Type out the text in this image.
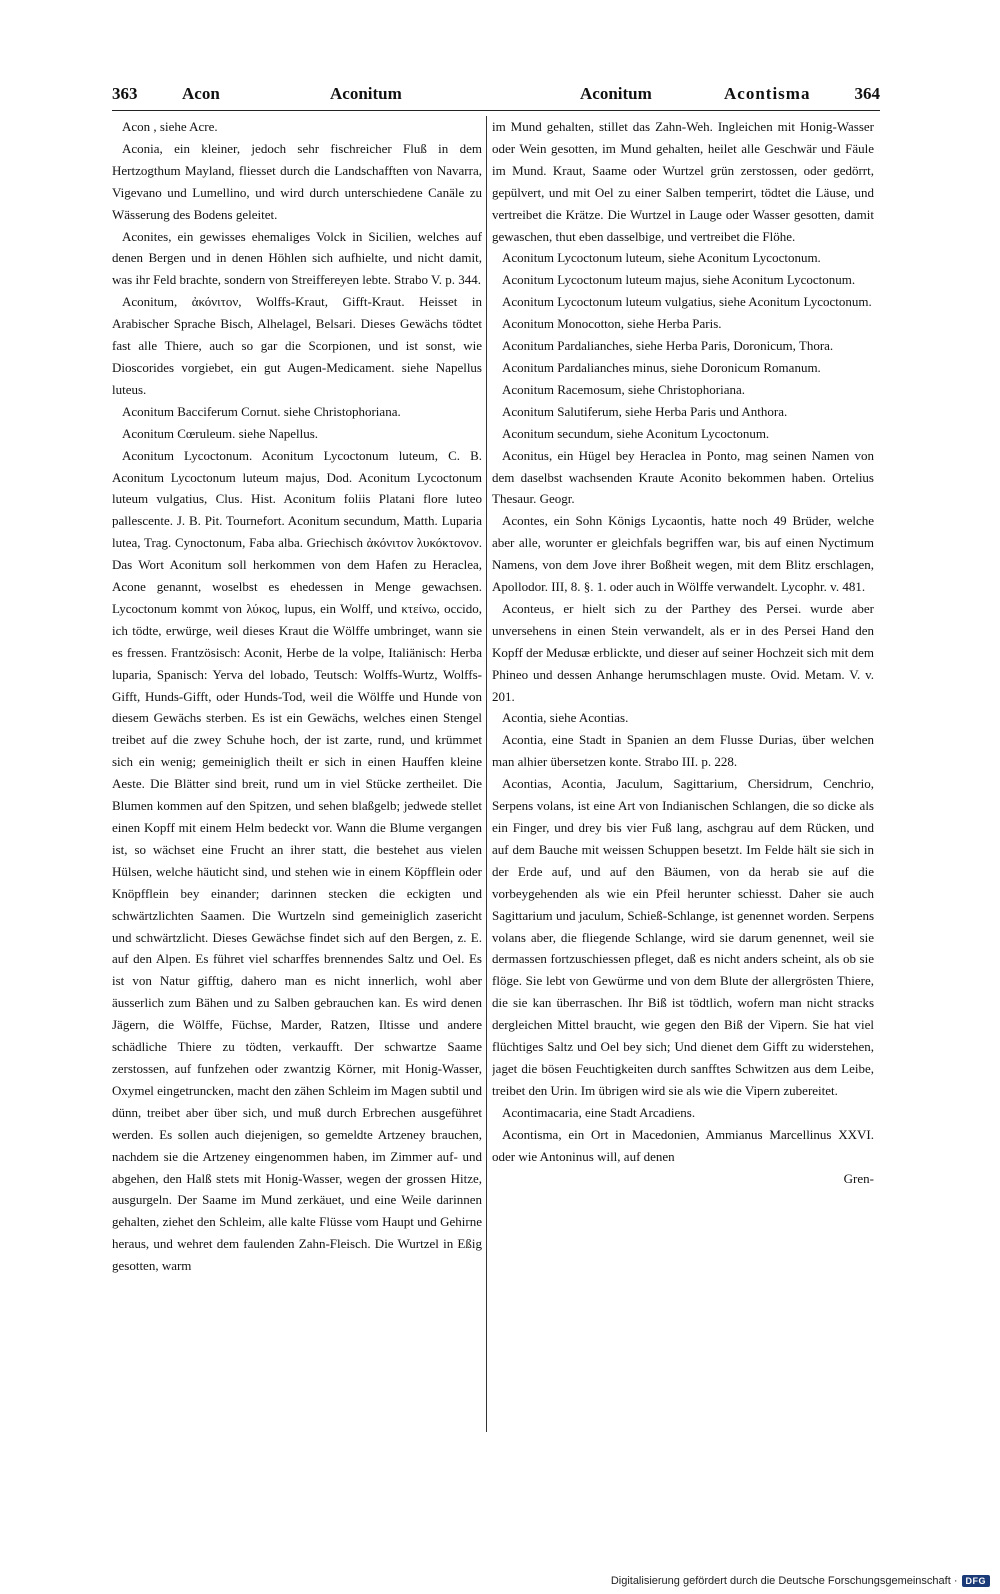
363	Acon	Aconitum	Aconitum	Acontisma	364

Acon , siehe Acre.

Aconia, ein kleiner, jedoch sehr fischreicher Fluß in dem Hertzogthum Mayland, fliesset durch die Landschafften von Navarra, Vigevano und Lumellino, und wird durch unterschiedene Canäle zu Wässerung des Bodens geleitet.

Aconites, ein gewisses ehemaliges Volck in Sicilien, welches auf denen Bergen und in denen Höhlen sich aufhielte, und nicht damit, was ihr Feld brachte, sondern von Streiffereyen lebte. Strabo V. p. 344.

Aconitum, ἀκόνιτον, Wolffs-Kraut, Gifft-Kraut. Heisset in Arabischer Sprache Bisch, Alhelagel, Belsari. Dieses Gewächs tödtet fast alle Thiere, auch so gar die Scorpionen, und ist sonst, wie Dioscorides vorgiebet, ein gut Augen-Medicament. siehe Napellus luteus.

Aconitum Bacciferum Cornut. siehe Christophoriana.

Aconitum Cœruleum. siehe Napellus.

Aconitum Lycoctonum. Aconitum Lycoctonum luteum, C. B. Aconitum Lycoctonum luteum majus, Dod. Aconitum Lycoctonum luteum vulgatius, Clus. Hist. Aconitum foliis Platani flore luteo pallescente. J. B. Pit. Tournefort. Aconitum secundum, Matth. Luparia lutea, Trag. Cynoctonum, Faba alba. Griechisch ἀκόνιτον λυκόκτονον. Das Wort Aconitum soll herkommen von dem Hafen zu Heraclea, Acone genannt, woselbst es ehedessen in Menge gewachsen. Lycoctonum kommt von λύκος, lupus, ein Wolff, und κτείνω, occido, ich tödte, erwürge, weil dieses Kraut die Wölffe umbringet, wann sie es fressen. Frantzösisch: Aconit, Herbe de la volpe, Italiänisch: Herba luparia, Spanisch: Yerva del lobado, Teutsch: Wolffs-Wurtz, Wolffs-Gifft, Hunds-Gifft, oder Hunds-Tod, weil die Wölffe und Hunde von diesem Gewächs sterben. Es ist ein Gewächs, welches einen Stengel treibet auf die zwey Schuhe hoch, der ist zarte, rund, und krümmet sich ein wenig; gemeiniglich theilt er sich in einen Hauffen kleine Aeste. Die Blätter sind breit, rund um in viel Stücke zertheilet. Die Blumen kommen auf den Spitzen, und sehen blaßgelb; jedwede stellet einen Kopff mit einem Helm bedeckt vor. Wann die Blume vergangen ist, so wächset eine Frucht an ihrer statt, die bestehet aus vielen Hülsen, welche häuticht sind, und stehen wie in einem Köpfflein oder Knöpfflein bey einander; darinnen stecken die eckigten und schwärtzlichten Saamen. Die Wurtzeln sind gemeiniglich zasericht und schwärtzlicht. Dieses Gewächse findet sich auf den Bergen, z. E. auf den Alpen. Es führet viel scharffes brennendes Saltz und Oel. Es ist von Natur gifftig, dahero man es nicht innerlich, wohl aber äusserlich zum Bähen und zu Salben gebrauchen kan. Es wird denen Jägern, die Wölffe, Füchse, Marder, Ratzen, Iltisse und andere schädliche Thiere zu tödten, verkaufft. Der schwartze Saame zerstossen, auf funfzehen oder zwantzig Körner, mit Honig-Wasser, Oxymel eingetruncken, macht den zähen Schleim im Magen subtil und dünn, treibet aber über sich, und muß durch Erbrechen ausgeführet werden. Es sollen auch diejenigen, so gemeldte Artzeney brauchen, nachdem sie die Artzeney eingenommen haben, im Zimmer auf- und abgehen, den Halß stets mit Honig-Wasser, wegen der grossen Hitze, ausgurgeln. Der Saame im Mund zerkäuet, und eine Weile darinnen gehalten, ziehet den Schleim, alle kalte Flüsse vom Haupt und Gehirne heraus, und wehret dem faulenden Zahn-Fleisch. Die Wurtzel in Eßig gesotten, warm

im Mund gehalten, stillet das Zahn-Weh. Ingleichen mit Honig-Wasser oder Wein gesotten, im Mund gehalten, heilet alle Geschwär und Fäule im Mund. Kraut, Saame oder Wurtzel grün zerstossen, oder gedörrt, gepülvert, und mit Oel zu einer Salben temperirt, tödtet die Läuse, und vertreibet die Krätze. Die Wurtzel in Lauge oder Wasser gesotten, damit gewaschen, thut eben dasselbige, und vertreibet die Flöhe.

Aconitum Lycoctonum luteum, siehe Aconitum Lycoctonum.

Aconitum Lycoctonum luteum majus, siehe Aconitum Lycoctonum.

Aconitum Lycoctonum luteum vulgatius, siehe Aconitum Lycoctonum.

Aconitum Monocotton, siehe Herba Paris.

Aconitum Pardalianches, siehe Herba Paris, Doronicum, Thora.

Aconitum Pardalianches minus, siehe Doronicum Romanum.

Aconitum Racemosum, siehe Christophoriana.

Aconitum Salutiferum, siehe Herba Paris und Anthora.

Aconitum secundum, siehe Aconitum Lycoctonum.

Aconitus, ein Hügel bey Heraclea in Ponto, mag seinen Namen von dem daselbst wachsenden Kraute Aconito bekommen haben. Ortelius Thesaur. Geogr.

Acontes, ein Sohn Königs Lycaontis, hatte noch 49 Brüder, welche aber alle, worunter er gleichfals begriffen war, bis auf einen Nyctimum Namens, von dem Jove ihrer Boßheit wegen, mit dem Blitz erschlagen, Apollodor. III, 8. §. 1. oder auch in Wölffe verwandelt. Lycophr. v. 481.

Aconteus, er hielt sich zu der Parthey des Persei. wurde aber unversehens in einen Stein verwandelt, als er in des Persei Hand den Kopff der Medusæ erblickte, und dieser auf seiner Hochzeit sich mit dem Phineo und dessen Anhange herumschlagen muste. Ovid. Metam. V. v. 201.

Acontia, siehe Acontias.

Acontia, eine Stadt in Spanien an dem Flusse Durias, über welchen man alhier übersetzen konte. Strabo III. p. 228.

Acontias, Acontia, Jaculum, Sagittarium, Chersidrum, Cenchrio, Serpens volans, ist eine Art von Indianischen Schlangen, die so dicke als ein Finger, und drey bis vier Fuß lang, aschgrau auf dem Rücken, und auf dem Bauche mit weissen Schuppen besetzt. Im Felde hält sie sich in der Erde auf, und auf den Bäumen, von da herab sie auf die vorbeygehenden als wie ein Pfeil herunter schiesst. Daher sie auch Sagittarium und jaculum, Schieß-Schlange, ist genennet worden. Serpens volans aber, die fliegende Schlange, wird sie darum genennet, weil sie dermassen fortzuschiessen pfleget, daß es nicht anders scheint, als ob sie flöge. Sie lebt von Gewürme und von dem Blute der allergrösten Thiere, die sie kan überraschen. Ihr Biß ist tödtlich, wofern man nicht stracks dergleichen Mittel braucht, wie gegen den Biß der Vipern. Sie hat viel flüchtiges Saltz und Oel bey sich; Und dienet dem Gifft zu widerstehen, jaget die bösen Feuchtigkeiten durch sanfftes Schwitzen aus dem Leibe, treibet den Urin. Im übrigen wird sie als wie die Vipern zubereitet.

Acontimacaria, eine Stadt Arcadiens.

Acontisma, ein Ort in Macedonien, Ammianus Marcellinus XXVI. oder wie Antoninus will, auf denen

Gren-

Digitalisierung gefördert durch die Deutsche Forschungsgemeinschaft · DFG
